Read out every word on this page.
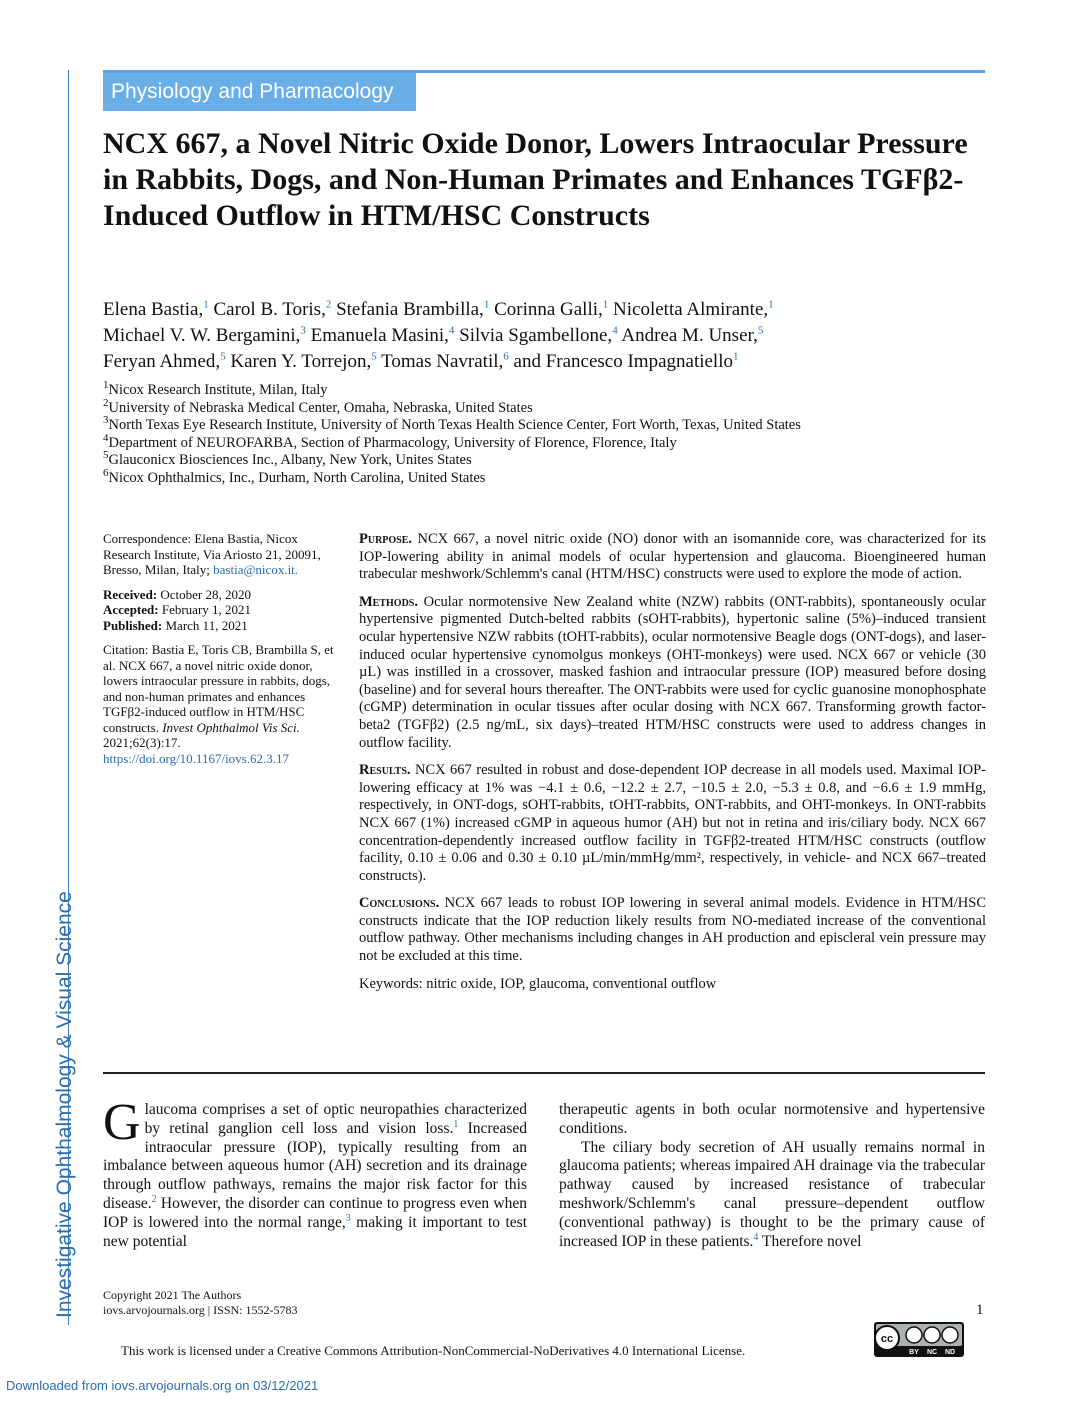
Investigative Ophthalmology & Visual Science
Physiology and Pharmacology
NCX 667, a Novel Nitric Oxide Donor, Lowers Intraocular Pressure in Rabbits, Dogs, and Non-Human Primates and Enhances TGFβ2-Induced Outflow in HTM/HSC Constructs
Elena Bastia,$^1$ Carol B. Toris,$^2$ Stefania Brambilla,$^1$ Corinna Galli,$^1$ Nicoletta Almirante,$^1$
Michael V. W. Bergamini,$^3$ Emanuela Masini,$^4$ Silvia Sgambellone,$^4$ Andrea M. Unser,$^5$
Feryan Ahmed,$^5$ Karen Y. Torrejon,$^5$ Tomas Navratil,$^6$ and Francesco Impagnatiello$^1$
$^1$Nicox Research Institute, Milan, Italy
$^2$University of Nebraska Medical Center, Omaha, Nebraska, United States
$^3$North Texas Eye Research Institute, University of North Texas Health Science Center, Fort Worth, Texas, United States
$^4$Department of NEUROFARBA, Section of Pharmacology, University of Florence, Florence, Italy
$^5$Glauconicx Biosciences Inc., Albany, New York, Unites States
$^6$Nicox Ophthalmics, Inc., Durham, North Carolina, United States

Correspondence: Elena Bastia, Nicox Research Institute, Via Ariosto 21, 20091, Bresso, Milan, Italy; bastia@nicox.it.

Received: October 28, 2020
Accepted: February 1, 2021
Published: March 11, 2021

Citation: Bastia E, Toris CB, Brambilla S, et al. NCX 667, a novel nitric oxide donor, lowers intraocular pressure in rabbits, dogs, and non-human primates and enhances TGFβ2-induced outflow in HTM/HSC constructs. Invest Ophthalmol Vis Sci. 2021;62(3):17.
https://doi.org/10.1167/iovs.62.3.17

Purpose. NCX 667, a novel nitric oxide (NO) donor with an isomannide core, was characterized for its IOP-lowering ability in animal models of ocular hypertension and glaucoma. Bioengineered human trabecular meshwork/Schlemm's canal (HTM/HSC) constructs were used to explore the mode of action.

Methods. Ocular normotensive New Zealand white (NZW) rabbits (ONT-rabbits), spontaneously ocular hypertensive pigmented Dutch-belted rabbits (sOHT-rabbits), hypertonic saline (5%)–induced transient ocular hypertensive NZW rabbits (tOHT-rabbits), ocular normotensive Beagle dogs (ONT-dogs), and laser-induced ocular hypertensive cynomolgus monkeys (OHT-monkeys) were used. NCX 667 or vehicle (30 µL) was instilled in a crossover, masked fashion and intraocular pressure (IOP) measured before dosing (baseline) and for several hours thereafter. The ONT-rabbits were used for cyclic guanosine monophosphate (cGMP) determination in ocular tissues after ocular dosing with NCX 667. Transforming growth factor-beta2 (TGFβ2) (2.5 ng/mL, six days)–treated HTM/HSC constructs were used to address changes in outflow facility.

Results. NCX 667 resulted in robust and dose-dependent IOP decrease in all models used. Maximal IOP-lowering efficacy at 1% was −4.1 ± 0.6, −12.2 ± 2.7, −10.5 ± 2.0, −5.3 ± 0.8, and −6.6 ± 1.9 mmHg, respectively, in ONT-dogs, sOHT-rabbits, tOHT-rabbits, ONT-rabbits, and OHT-monkeys. In ONT-rabbits NCX 667 (1%) increased cGMP in aqueous humor (AH) but not in retina and iris/ciliary body. NCX 667 concentration-dependently increased outflow facility in TGFβ2-treated HTM/HSC constructs (outflow facility, 0.10 ± 0.06 and 0.30 ± 0.10 µL/min/mmHg/mm², respectively, in vehicle- and NCX 667–treated constructs).

Conclusions. NCX 667 leads to robust IOP lowering in several animal models. Evidence in HTM/HSC constructs indicate that the IOP reduction likely results from NO-mediated increase of the conventional outflow pathway. Other mechanisms including changes in AH production and episcleral vein pressure may not be excluded at this time.

Keywords: nitric oxide, IOP, glaucoma, conventional outflow

Glaucoma comprises a set of optic neuropathies characterized by retinal ganglion cell loss and vision loss.$^1$ Increased intraocular pressure (IOP), typically resulting from an imbalance between aqueous humor (AH) secretion and its drainage through outflow pathways, remains the major risk factor for this disease.$^2$ However, the disorder can continue to progress even when IOP is lowered into the normal range,$^3$ making it important to test new potential

therapeutic agents in both ocular normotensive and hypertensive conditions.

The ciliary body secretion of AH usually remains normal in glaucoma patients; whereas impaired AH drainage via the trabecular pathway caused by increased resistance of trabecular meshwork/Schlemm's canal pressure–dependent outflow (conventional pathway) is thought to be the primary cause of increased IOP in these patients.$^4$ Therefore novel

Copyright 2021 The Authors
iovs.arvojournals.org | ISSN: 1552-5783	1
This work is licensed under a Creative Commons Attribution-NonCommercial-NoDerivatives 4.0 International License.
cc
BY NC ND
Downloaded from iovs.arvojournals.org on 03/12/2021
